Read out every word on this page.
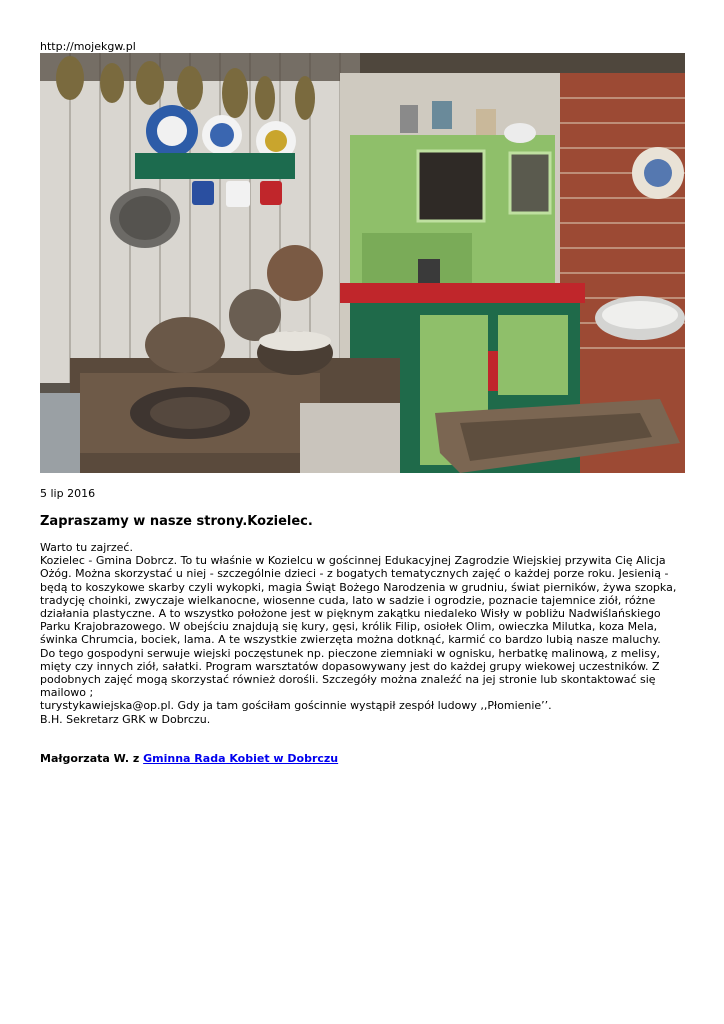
http://mojekgw.pl
5 lip 2016
Zapraszamy w nasze strony.Kozielec.
Warto tu zajrzeć.
Kozielec - Gmina Dobrcz. To tu właśnie w Kozielcu w gościnnej Edukacyjnej Zagrodzie Wiejskiej przywita Cię Alicja
Ożóg. Można skorzystać u niej - szczególnie dzieci - z bogatych tematycznych zajęć o każdej porze roku. Jesienią -
będą to koszykowe skarby czyli wykopki, magia Świąt Bożego Narodzenia w grudniu, świat pierników, żywa szopka,
tradycję choinki, zwyczaje wielkanocne, wiosenne cuda, lato w sadzie i ogrodzie, poznacie tajemnice ziół, różne
działania plastyczne. A to wszystko położone jest w pięknym zakątku niedaleko Wisły w pobliżu Nadwiślańskiego
Parku Krajobrazowego. W obejściu znajdują się kury, gęsi, królik Filip, osiołek Olim, owieczka Milutka, koza Mela,
świnka Chrumcia, bociek, lama. A te wszystkie zwierzęta można dotknąć, karmić co bardzo lubią nasze maluchy.
Do tego gospodyni serwuje wiejski poczęstunek np. pieczone ziemniaki w ognisku, herbatkę malinową, z melisy,
mięty czy innych ziół, sałatki. Program warsztatów dopasowywany jest do każdej grupy wiekowej uczestników. Z
podobnych zajęć mogą skorzystać również dorośli. Szczegóły można znaleźć na jej stronie lub skontaktować się
mailowo ;
turystykawiejska@op.pl. Gdy ja tam gościłam gościnnie wystąpił zespół ludowy ,,Płomienie’’.
B.H. Sekretarz GRK w Dobrczu.
Małgorzata W. z Gminna Rada Kobiet w Dobrczu
